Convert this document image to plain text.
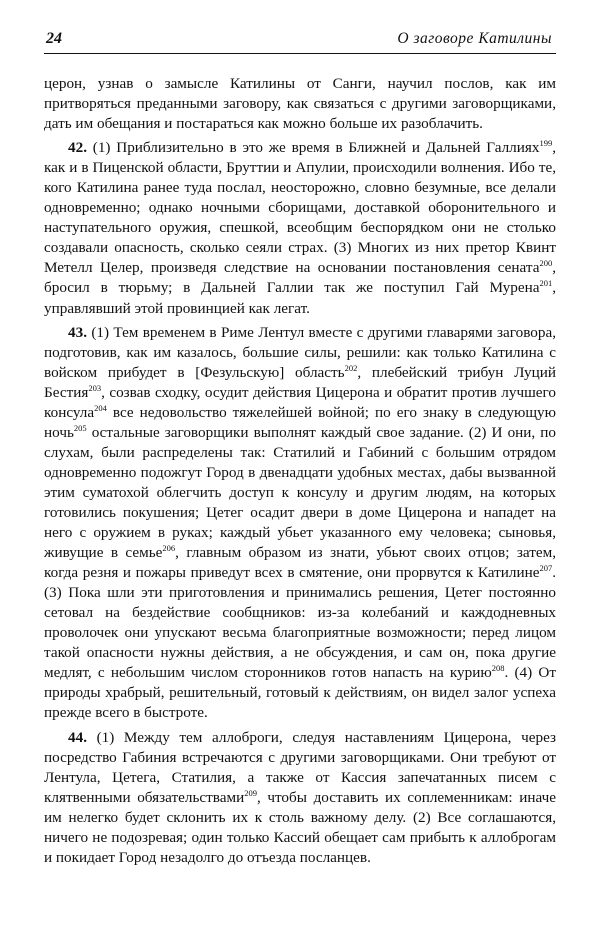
24	О заговоре Катилины

церон, узнав о замысле Катилины от Санги, научил послов, как им притворяться преданными заговору, как связаться с другими заговорщиками, дать им обещания и постараться как можно больше их разоблачить.

42. (1) Приблизительно в это же время в Ближней и Дальней Галлиях$^{199}$, как и в Пиценской области, Бруттии и Апулии, происходили волнения. Ибо те, кого Катилина ранее туда послал, неосторожно, словно безумные, все делали одновременно; однако ночными сборищами, доставкой оборонительного и наступательного оружия, спешкой, всеобщим беспорядком они не столько создавали опасность, сколько сеяли страх. (3) Многих из них претор Квинт Метелл Целер, произведя следствие на основании постановления сената$^{200}$, бросил в тюрьму; в Дальней Галлии так же поступил Гай Мурена$^{201}$, управлявший этой провинцией как легат.

43. (1) Тем временем в Риме Лентул вместе с другими главарями заговора, подготовив, как им казалось, большие силы, решили: как только Катилина с войском прибудет в [Фезульскую] область$^{202}$, плебейский трибун Луций Бестия$^{203}$, созвав сходку, осудит действия Цицерона и обратит против лучшего консула$^{204}$ все недовольство тяжелейшей войной; по его знаку в следующую ночь$^{205}$ остальные заговорщики выполнят каждый свое задание. (2) И они, по слухам, были распределены так: Статилий и Габиний с большим отрядом одновременно подожгут Город в двенадцати удобных местах, дабы вызванной этим суматохой облегчить доступ к консулу и другим людям, на которых готовились покушения; Цетег осадит двери в доме Цицерона и нападет на него с оружием в руках; каждый убьет указанного ему человека; сыновья, живущие в семье$^{206}$, главным образом из знати, убьют своих отцов; затем, когда резня и пожары приведут всех в смятение, они прорвутся к Катилине$^{207}$. (3) Пока шли эти приготовления и принимались решения, Цетег постоянно сетовал на бездействие сообщников: из-за колебаний и каждодневных проволочек они упускают весьма благоприятные возможности; перед лицом такой опасности нужны действия, а не обсуждения, и сам он, пока другие медлят, с небольшим числом сторонников готов напасть на курию$^{208}$. (4) От природы храбрый, решительный, готовый к действиям, он видел залог успеха прежде всего в быстроте.

44. (1) Между тем аллоброги, следуя наставлениям Цицерона, через посредство Габиния встречаются с другими заговорщиками. Они требуют от Лентула, Цетега, Статилия, а также от Кассия запечатанных писем с клятвенными обязательствами$^{209}$, чтобы доставить их соплеменникам: иначе им нелегко будет склонить их к столь важному делу. (2) Все соглашаются, ничего не подозревая; один только Кассий обещает сам прибыть к аллоброгам и покидает Город незадолго до отъезда посланцев.
